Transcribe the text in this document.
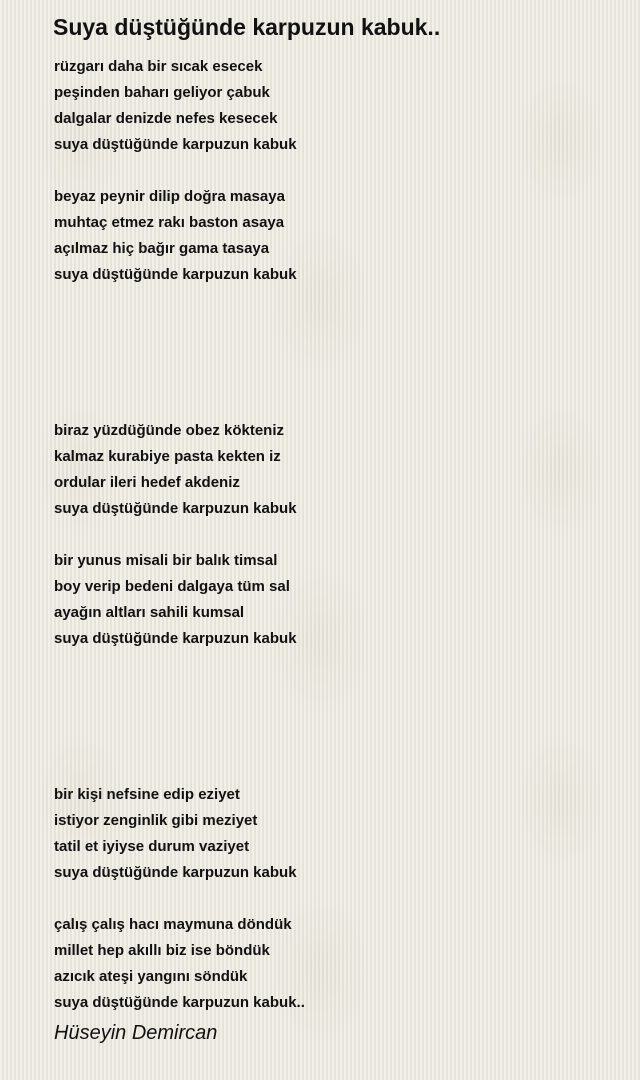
Suya düştüğünde karpuzun kabuk..
rüzgarı daha bir sıcak esecek
peşinden baharı geliyor çabuk
dalgalar denizde nefes kesecek
suya düştüğünde karpuzun kabuk
beyaz peynir dilip doğra masaya
muhtaç etmez rakı baston asaya
açılmaz hiç bağır gama tasaya
suya düştüğünde karpuzun kabuk
biraz yüzdüğünde obez kökteniz
kalmaz kurabiye pasta kekten iz
ordular ileri hedef akdeniz
suya düştüğünde karpuzun kabuk
bir yunus misali bir balık timsal
boy verip bedeni dalgaya tüm sal
ayağın altları sahili kumsal
suya düştüğünde karpuzun kabuk
bir kişi nefsine edip eziyet
istiyor zenginlik gibi meziyet
tatil et iyiyse durum vaziyet
suya düştüğünde karpuzun kabuk
çalış çalış hacı maymuna döndük
millet hep akıllı biz ise böndük
azıcık ateşi yangını söndük
suya düştüğünde karpuzun kabuk..
Hüseyin Demircan
